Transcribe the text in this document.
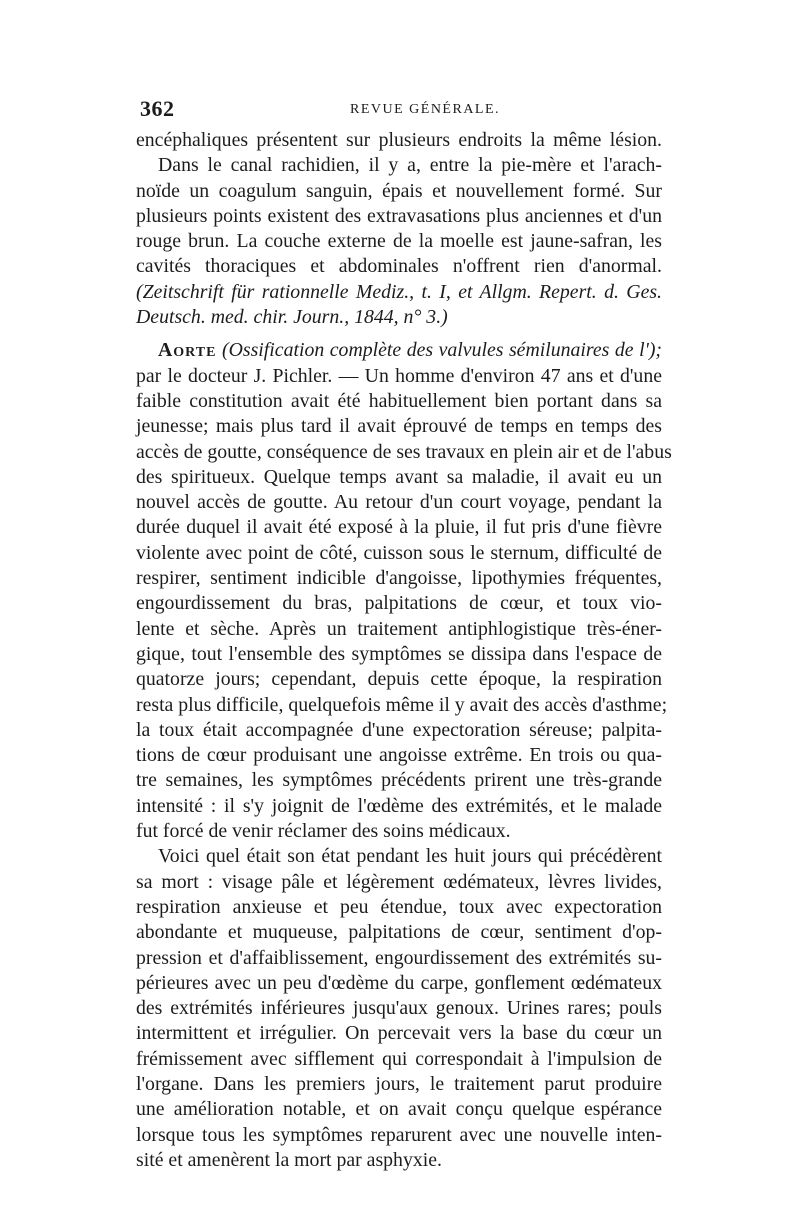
362	REVUE GÉNÉRALE.
encéphaliques présentent sur plusieurs endroits la même lésion.
Dans le canal rachidien, il y a, entre la pie-mère et l'arach-
noïde un coagulum sanguin, épais et nouvellement formé. Sur
plusieurs points existent des extravasations plus anciennes et d'un
rouge brun. La couche externe de la moelle est jaune-safran, les
cavités thoraciques et abdominales n'offrent rien d'anormal.
(Zeitschrift für rationnelle Mediz., t. I, et Allgm. Repert. d. Ges.
Deutsch. med. chir. Journ., 1844, n° 3.)
Aorte (Ossification complète des valvules sémilunaires de l');
par le docteur J. Pichler. — Un homme d'environ 47 ans et d'une
faible constitution avait été habituellement bien portant dans sa
jeunesse; mais plus tard il avait éprouvé de temps en temps des
accès de goutte, conséquence de ses travaux en plein air et de l'abus
des spiritueux. Quelque temps avant sa maladie, il avait eu un
nouvel accès de goutte. Au retour d'un court voyage, pendant la
durée duquel il avait été exposé à la pluie, il fut pris d'une fièvre
violente avec point de côté, cuisson sous le sternum, difficulté de
respirer, sentiment indicible d'angoisse, lipothymies fréquentes,
engourdissement du bras, palpitations de cœur, et toux vio-
lente et sèche. Après un traitement antiphlogistique très-éner-
gique, tout l'ensemble des symptômes se dissipa dans l'espace de
quatorze jours; cependant, depuis cette époque, la respiration
resta plus difficile, quelquefois même il y avait des accès d'asthme;
la toux était accompagnée d'une expectoration séreuse; palpita-
tions de cœur produisant une angoisse extrême. En trois ou qua-
tre semaines, les symptômes précédents prirent une très-grande
intensité : il s'y joignit de l'œdème des extrémités, et le malade
fut forcé de venir réclamer des soins médicaux.
Voici quel était son état pendant les huit jours qui précédèrent
sa mort : visage pâle et légèrement œdémateux, lèvres livides,
respiration anxieuse et peu étendue, toux avec expectoration
abondante et muqueuse, palpitations de cœur, sentiment d'op-
pression et d'affaiblissement, engourdissement des extrémités su-
périeures avec un peu d'œdème du carpe, gonflement œdémateux
des extrémités inférieures jusqu'aux genoux. Urines rares; pouls
intermittent et irrégulier. On percevait vers la base du cœur un
frémissement avec sifflement qui correspondait à l'impulsion de
l'organe. Dans les premiers jours, le traitement parut produire
une amélioration notable, et on avait conçu quelque espérance
lorsque tous les symptômes reparurent avec une nouvelle inten-
sité et amenèrent la mort par asphyxie.
